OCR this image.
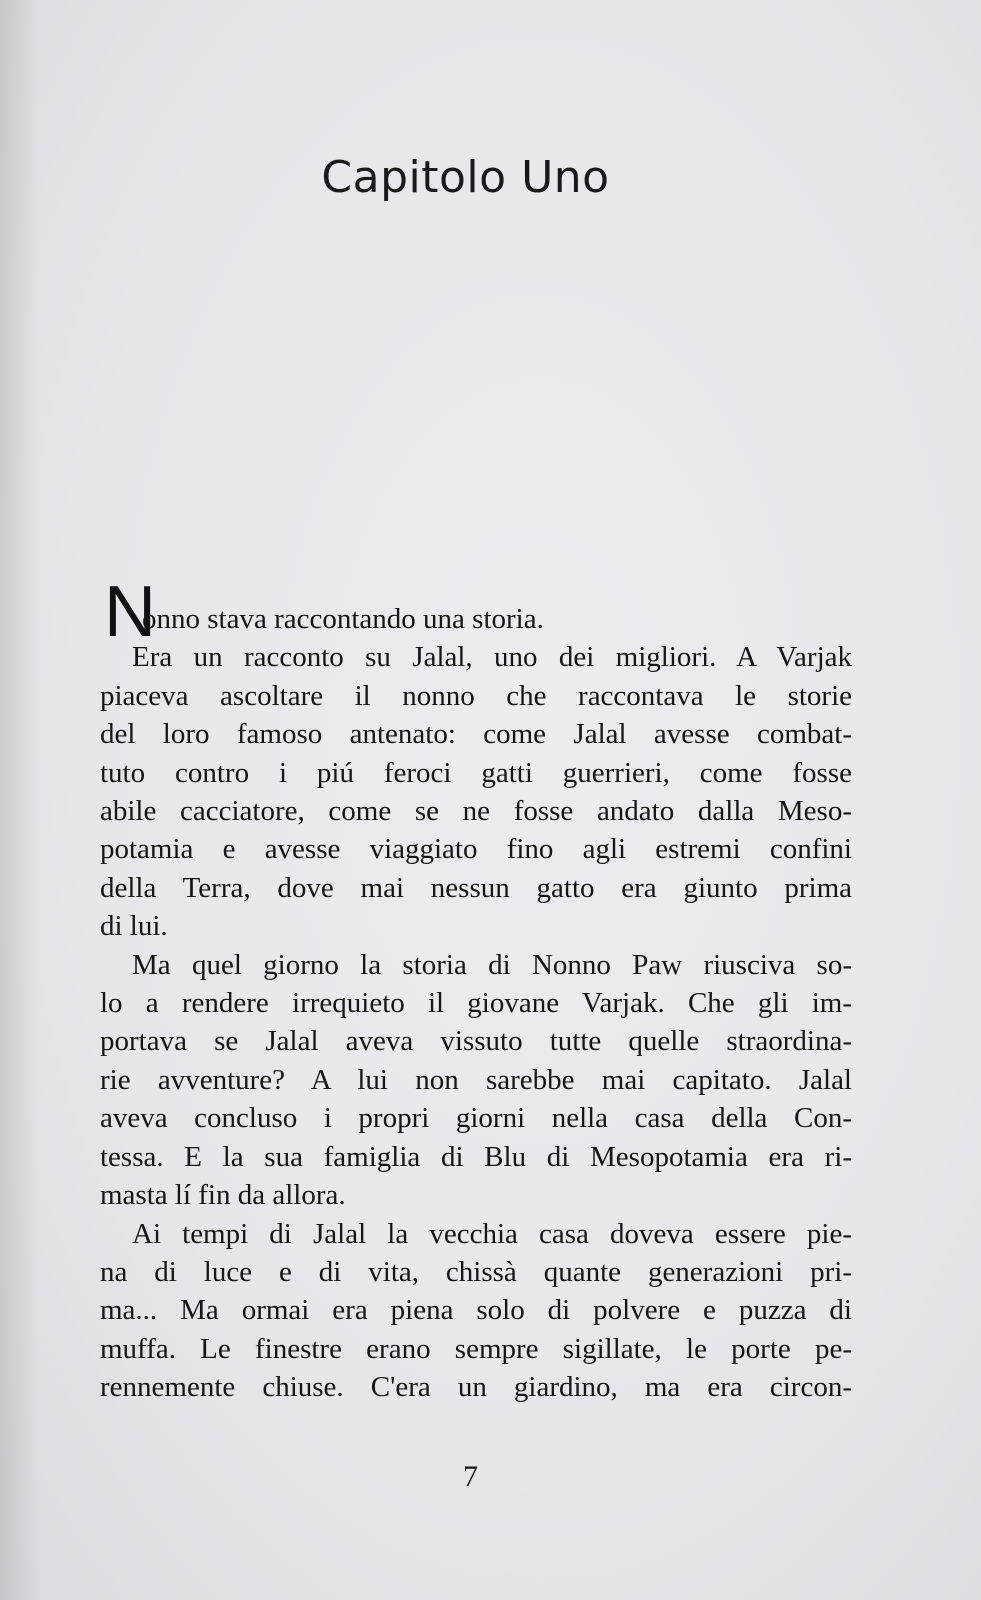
Capitolo Uno
N
onno stava raccontando una storia.
Era un racconto su Jalal, uno dei migliori. A Varjak
piaceva ascoltare il nonno che raccontava le storie
del loro famoso antenato: come Jalal avesse combat-
tuto contro i piú feroci gatti guerrieri, come fosse
abile cacciatore, come se ne fosse andato dalla Meso-
potamia e avesse viaggiato fino agli estremi confini
della Terra, dove mai nessun gatto era giunto prima
di lui.
Ma quel giorno la storia di Nonno Paw riusciva so-
lo a rendere irrequieto il giovane Varjak. Che gli im-
portava se Jalal aveva vissuto tutte quelle straordina-
rie avventure? A lui non sarebbe mai capitato. Jalal
aveva concluso i propri giorni nella casa della Con-
tessa. E la sua famiglia di Blu di Mesopotamia era ri-
masta lí fin da allora.
Ai tempi di Jalal la vecchia casa doveva essere pie-
na di luce e di vita, chissà quante generazioni pri-
ma... Ma ormai era piena solo di polvere e puzza di
muffa. Le finestre erano sempre sigillate, le porte pe-
rennemente chiuse. C'era un giardino, ma era circon-
7
